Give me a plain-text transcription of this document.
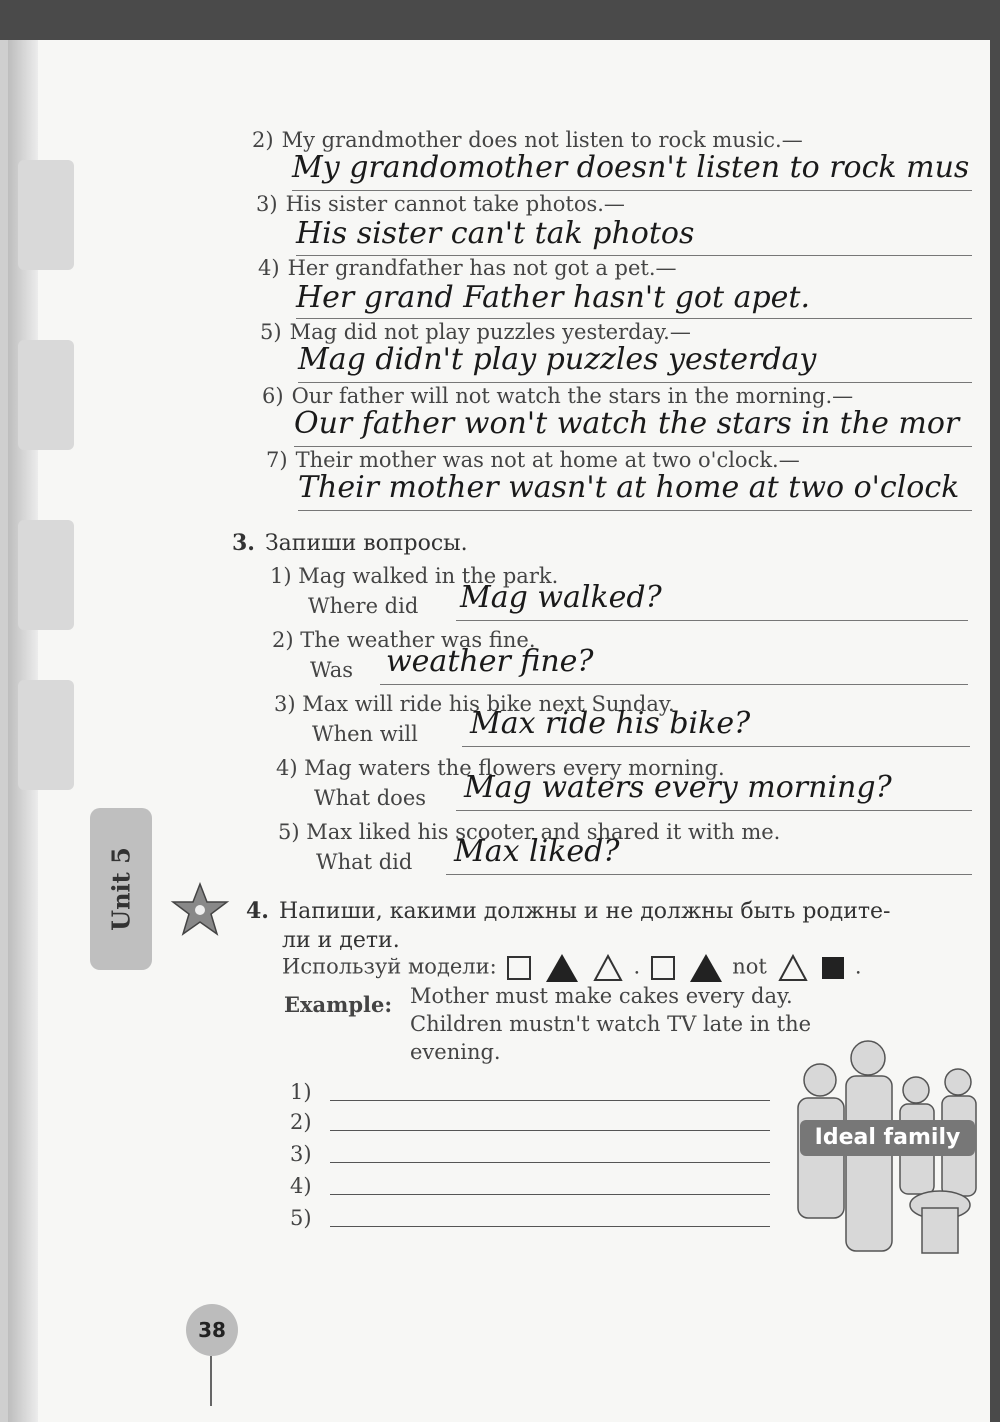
Unit 5
2) My grandmother does not listen to rock music.—
My grandomother doesn't listen to rock mus
3) His sister cannot take photos.—
His sister can't tak photos
4) Her grandfather has not got a pet.—
Her grand Father hasn't got apet.
5) Mag did not play puzzles yesterday.—
Mag didn't play puzzles yesterday
6) Our father will not watch the stars in the morning.—
Our father won't watch the stars in the mor
7) Their mother was not at home at two o'clock.—
Their mother wasn't at home at two o'clock
3. Запиши вопросы.
1) Mag walked in the park.
Where did Mag walked?
2) The weather was fine.
Was weather fine?
3) Max will ride his bike next Sunday.
When will Max ride his bike?
4) Mag waters the flowers every morning.
What does Mag waters every morning?
5) Max liked his scooter and shared it with me.
What did Max liked?
4. Напиши, какими должны и не должны быть родите-
ли и дети.
Используй модели:	.	not	.
Example: Mother must make cakes every day.
Children mustn't watch TV late in the
evening.
1)
2)
3)
4)
5)
Ideal family
38
